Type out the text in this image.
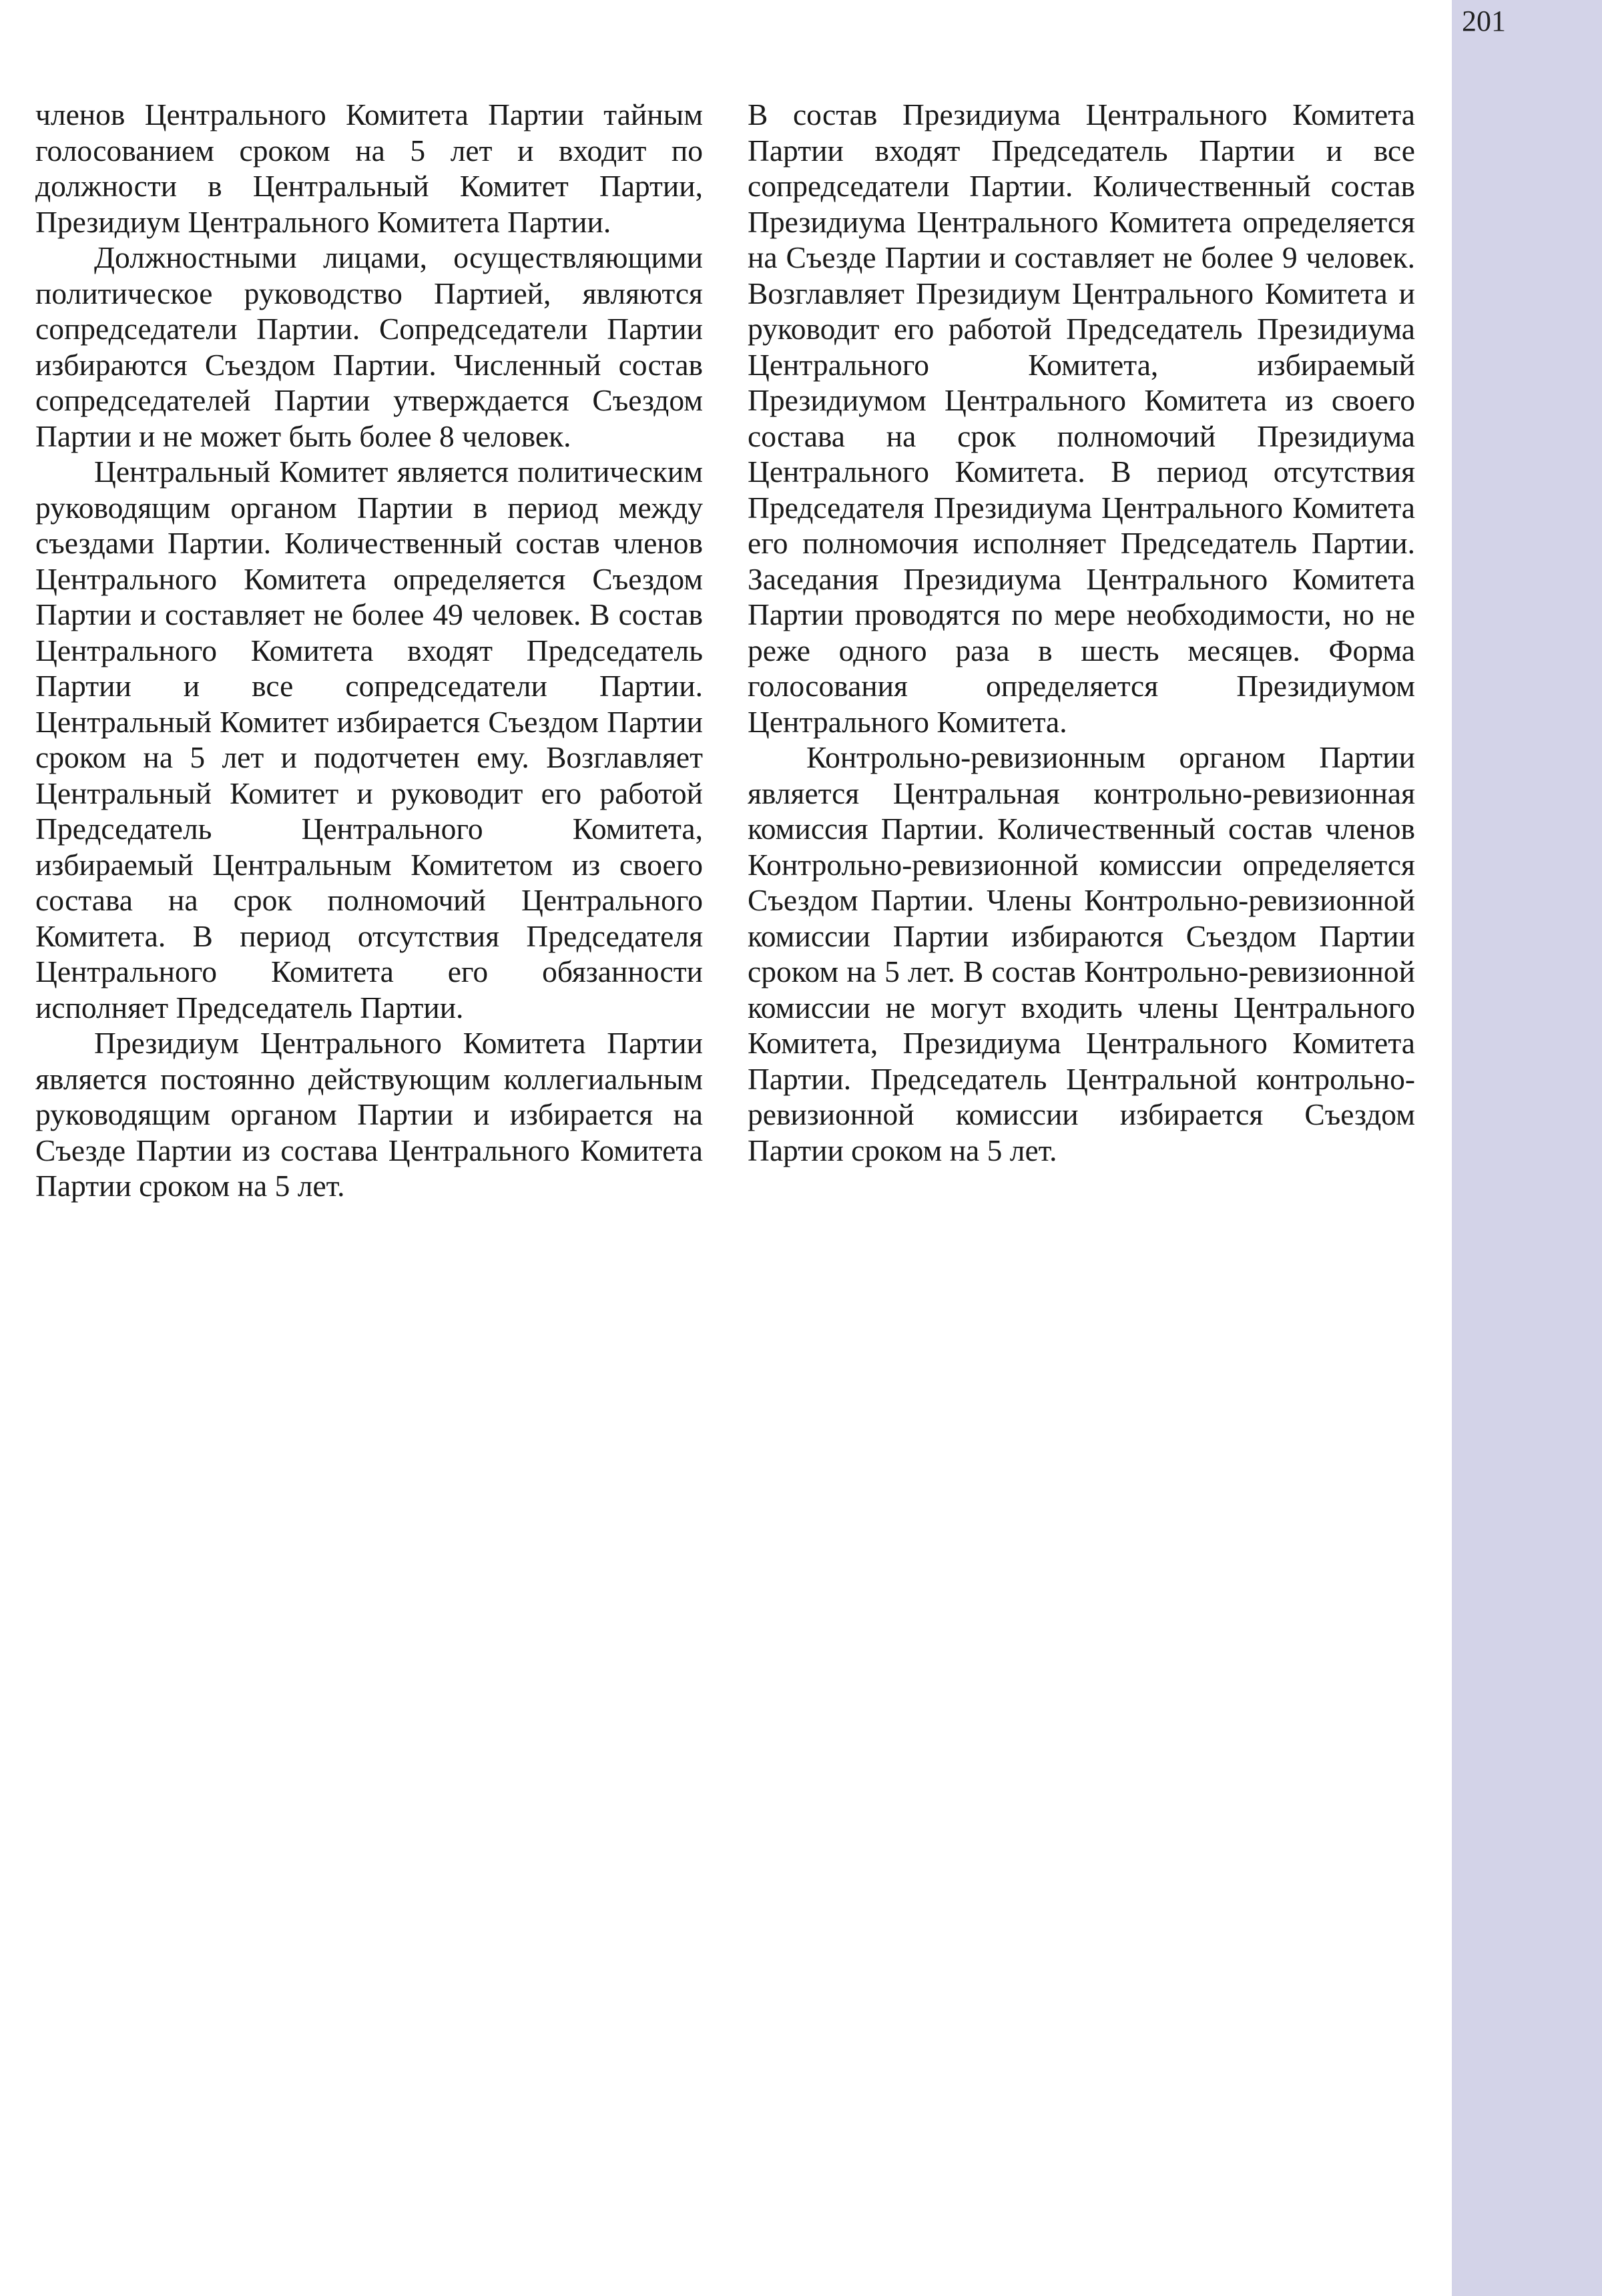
201

членов Центрального Комитета Партии тайным голосованием сроком на 5 лет и входит по должности в Центральный Комитет Партии, Президиум Центрального Комитета Партии.

Должностными лицами, осуществляющими политическое руководство Партией, являются сопредседатели Партии. Сопредседатели Партии избираются Съездом Партии. Численный состав сопредседателей Партии утверждается Съездом Партии и не может быть более 8 человек.

Центральный Комитет является политическим руководящим органом Партии в период между съездами Партии. Количественный состав членов Центрального Комитета определяется Съездом Партии и составляет не более 49 человек. В состав Центрального Комитета входят Председатель Партии и все сопредседатели Партии. Центральный Комитет избирается Съездом Партии сроком на 5 лет и подотчетен ему. Возглавляет Центральный Комитет и руководит его работой Председатель Центрального Комитета, избираемый Центральным Комитетом из своего состава на срок полномочий Центрального Комитета. В период отсутствия Председателя Центрального Комитета его обязанности исполняет Председатель Партии.

Президиум Центрального Комитета Партии является постоянно действующим коллегиальным руководящим органом Партии и избирается на Съезде Партии из состава Центрального Комитета Партии сроком на 5 лет.

В состав Президиума Центрального Комитета Партии входят Председатель Партии и все сопредседатели Партии. Количественный состав Президиума Центрального Комитета определяется на Съезде Партии и составляет не более 9 человек. Возглавляет Президиум Центрального Комитета и руководит его работой Председатель Президиума Центрального Комитета, избираемый Президиумом Центрального Комитета из своего состава на срок полномочий Президиума Центрального Комитета. В период отсутствия Председателя Президиума Центрального Комитета его полномочия исполняет Председатель Партии. Заседания Президиума Центрального Комитета Партии проводятся по мере необходимости, но не реже одного раза в шесть месяцев. Форма голосования определяется Президиумом Центрального Комитета.

Контрольно-ревизионным органом Партии является Центральная контрольно-ревизионная комиссия Партии. Количественный состав членов Контрольно-ревизионной комиссии определяется Съездом Партии. Члены Контрольно-ревизионной комиссии Партии избираются Съездом Партии сроком на 5 лет. В состав Контрольно-ревизионной комиссии не могут входить члены Центрального Комитета, Президиума Центрального Комитета Партии. Председатель Центральной контрольно-ревизионной комиссии избирается Съездом Партии сроком на 5 лет.
